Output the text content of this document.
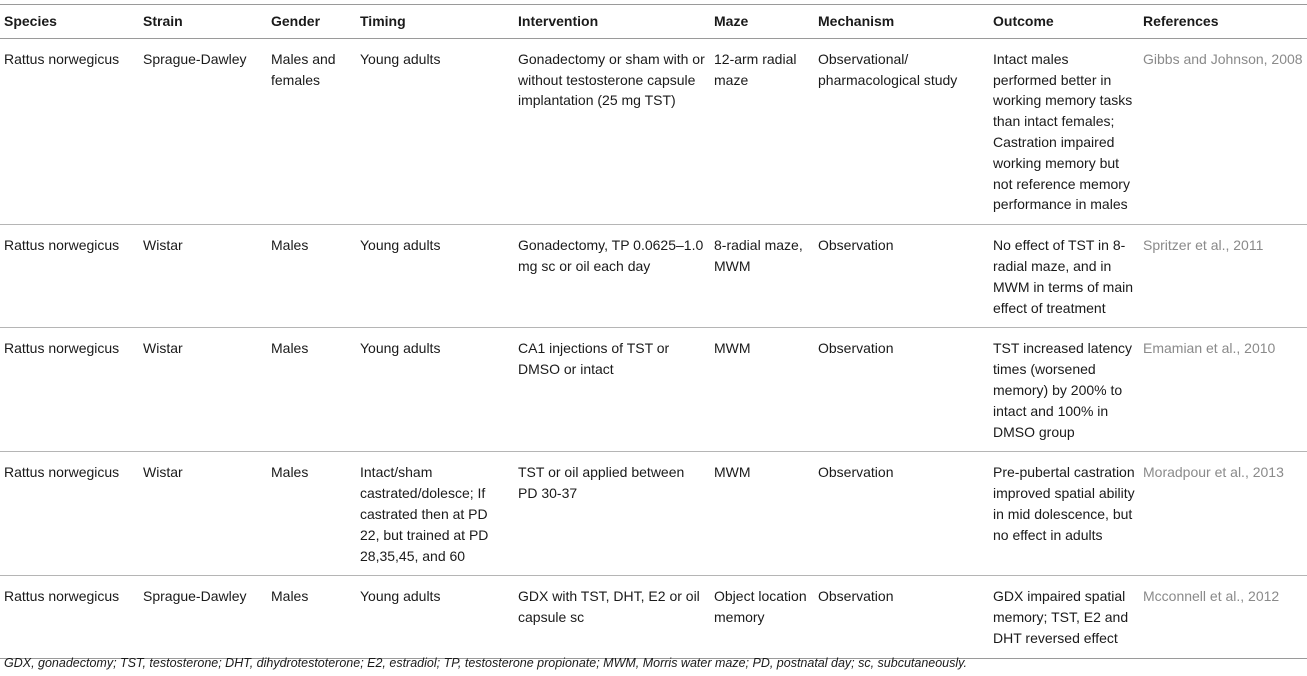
Species	Strain	Gender	Timing	Intervention	Maze	Mechanism	Outcome	References
Rattus norwegicus	Sprague-Dawley	Males and females	Young adults	Gonadectomy or sham with or without testosterone capsule implantation (25 mg TST)	12-arm radial maze	Observational/ pharmacological study	Intact males performed better in working memory tasks than intact females; Castration impaired working memory but not reference memory performance in males	Gibbs and Johnson, 2008
Rattus norwegicus	Wistar	Males	Young adults	Gonadectomy, TP 0.0625–1.0 mg sc or oil each day	8-radial maze, MWM	Observation	No effect of TST in 8-radial maze, and in MWM in terms of main effect of treatment	Spritzer et al., 2011
Rattus norwegicus	Wistar	Males	Young adults	CA1 injections of TST or DMSO or intact	MWM	Observation	TST increased latency times (worsened memory) by 200% to intact and 100% in DMSO group	Emamian et al., 2010
Rattus norwegicus	Wistar	Males	Intact/sham castrated/dolesce; If castrated then at PD 22, but trained at PD 28,35,45, and 60	TST or oil applied between PD 30-37	MWM	Observation	Pre-pubertal castration improved spatial ability in mid dolescence, but no effect in adults	Moradpour et al., 2013
Rattus norwegicus	Sprague-Dawley	Males	Young adults	GDX with TST, DHT, E2 or oil capsule sc	Object location memory	Observation	GDX impaired spatial memory; TST, E2 and DHT reversed effect	Mcconnell et al., 2012
GDX, gonadectomy; TST, testosterone; DHT, dihydrotestoterone; E2, estradiol; TP, testosterone propionate; MWM, Morris water maze; PD, postnatal day; sc, subcutaneously.
